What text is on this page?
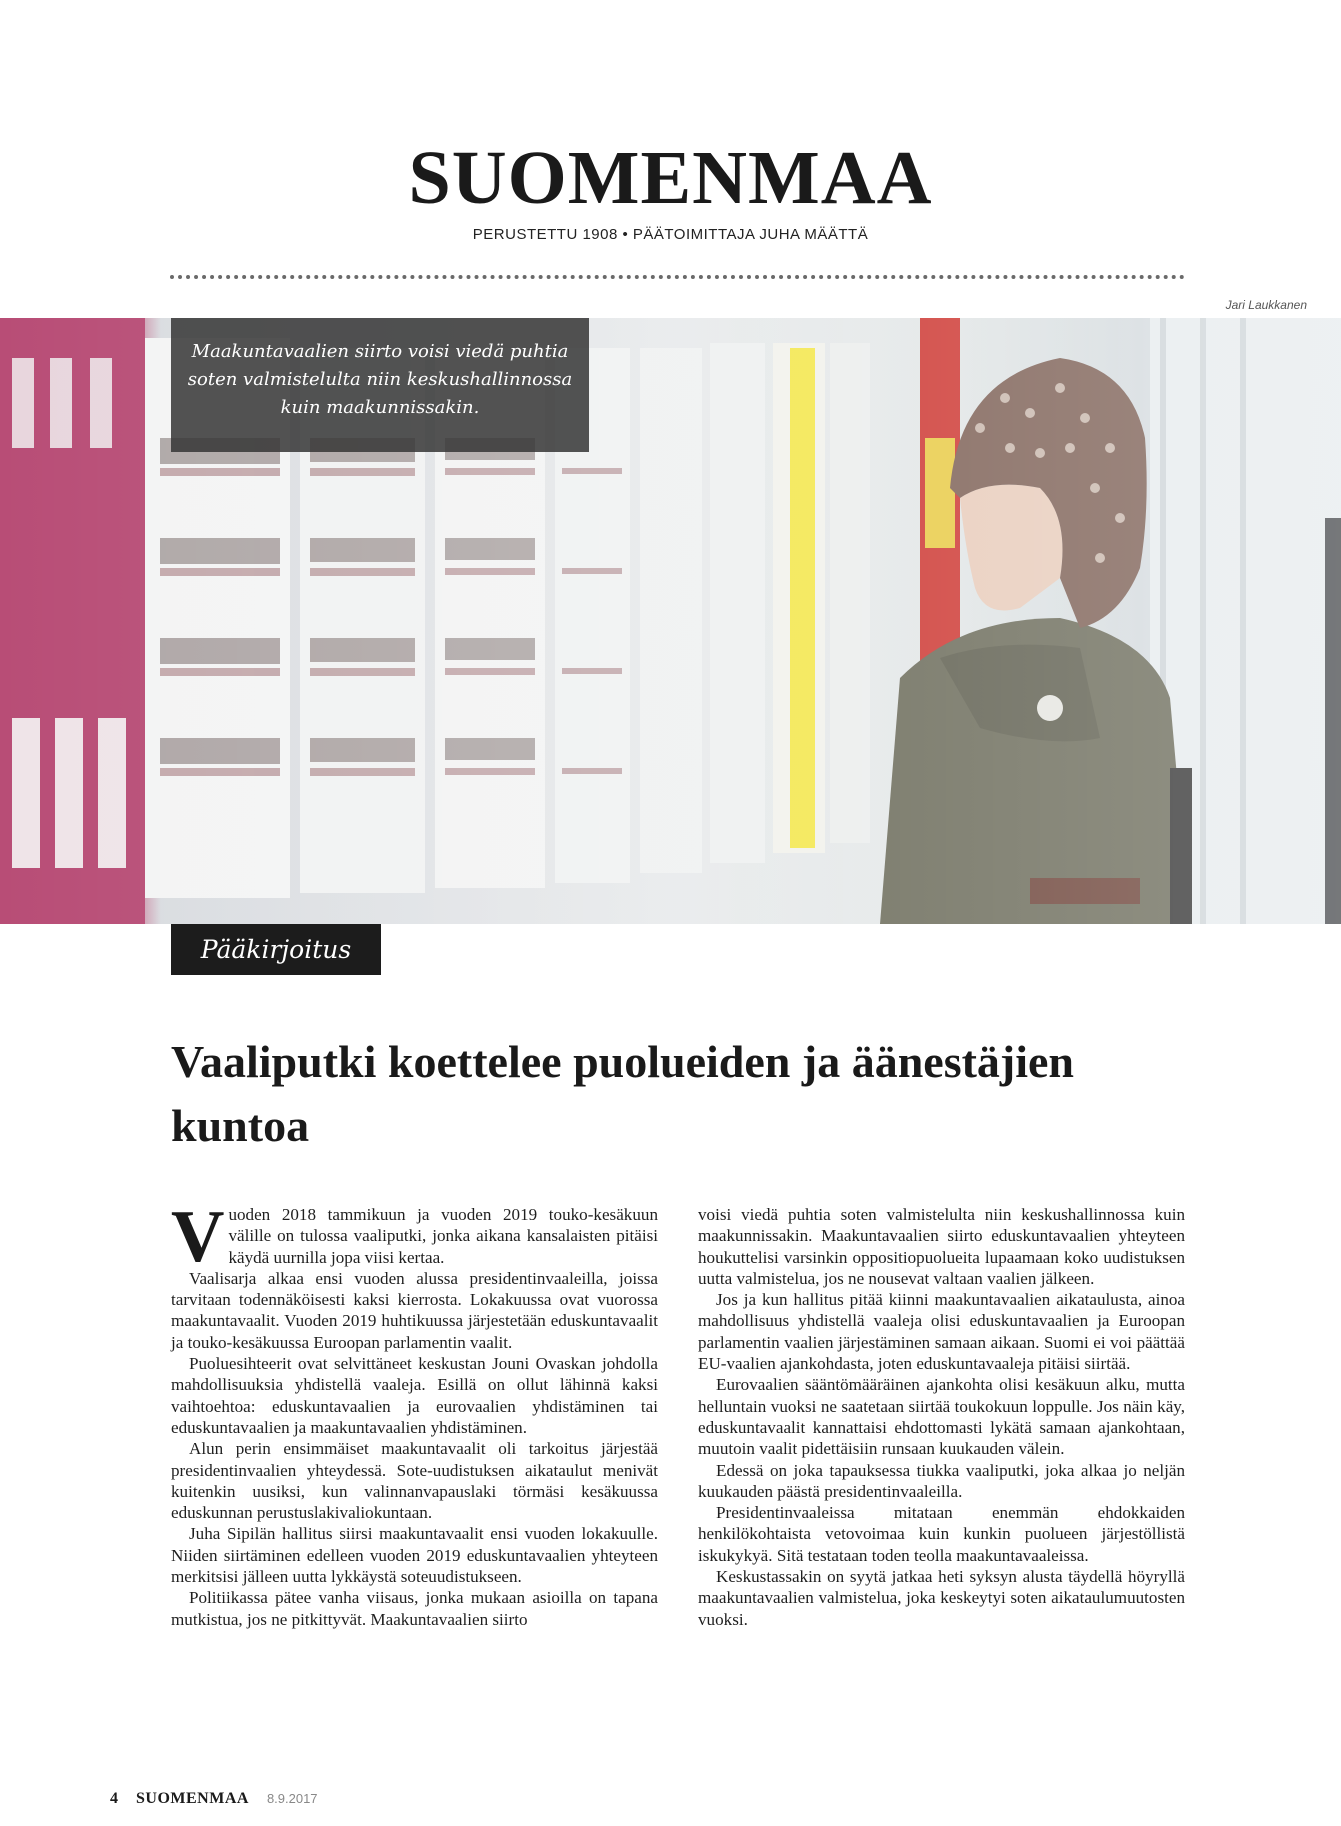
SUOMENMAA
PERUSTETTU 1908 • PÄÄTOIMITTAJA JUHA MÄÄTTÄ
Jari Laukkanen
Maakuntavaalien siirto voisi viedä puhtia soten valmistelulta niin keskushallinnossa kuin maakunnissakin.
Pääkirjoitus
Vaaliputki koettelee puolueiden ja äänestäjien kuntoa

Vuoden 2018 tammikuun ja vuoden 2019 touko-kesäkuun välille on tulossa vaaliputki, jonka aikana kansalaisten pitäisi käydä uurnilla jopa viisi kertaa.

Vaalisarja alkaa ensi vuoden alussa presidentinvaaleilla, joissa tarvitaan todennäköisesti kaksi kierrosta. Lokakuussa ovat vuorossa maakuntavaalit. Vuoden 2019 huhtikuussa järjestetään eduskuntavaalit ja touko-kesäkuussa Euroopan parlamentin vaalit.

Puoluesihteerit ovat selvittäneet keskustan Jouni Ovaskan johdolla mahdollisuuksia yhdistellä vaaleja. Esillä on ollut lähinnä kaksi vaihtoehtoa: eduskuntavaalien ja eurovaalien yhdistäminen tai eduskuntavaalien ja maakuntavaalien yhdistäminen.

Alun perin ensimmäiset maakuntavaalit oli tarkoitus järjestää presidentinvaalien yhteydessä. Sote-uudistuksen aikataulut menivät kuitenkin uusiksi, kun valinnanvapauslaki törmäsi kesäkuussa eduskunnan perustuslakivaliokuntaan.

Juha Sipilän hallitus siirsi maakuntavaalit ensi vuoden lokakuulle. Niiden siirtäminen edelleen vuoden 2019 eduskuntavaalien yhteyteen merkitsisi jälleen uutta lykkäystä soteuudistukseen.

Politiikassa pätee vanha viisaus, jonka mukaan asioilla on tapana mutkistua, jos ne pitkittyvät. Maakuntavaalien siirto

voisi viedä puhtia soten valmistelulta niin keskushallinnossa kuin maakunnissakin. Maakuntavaalien siirto eduskuntavaalien yhteyteen houkuttelisi varsinkin oppositiopuolueita lupaamaan koko uudistuksen uutta valmistelua, jos ne nousevat valtaan vaalien jälkeen.

Jos ja kun hallitus pitää kiinni maakuntavaalien aikataulusta, ainoa mahdollisuus yhdistellä vaaleja olisi eduskuntavaalien ja Euroopan parlamentin vaalien järjestäminen samaan aikaan. Suomi ei voi päättää EU-vaalien ajankohdasta, joten eduskuntavaaleja pitäisi siirtää.

Eurovaalien sääntömääräinen ajankohta olisi kesäkuun alku, mutta helluntain vuoksi ne saatetaan siirtää toukokuun loppulle. Jos näin käy, eduskuntavaalit kannattaisi ehdottomasti lykätä samaan ajankohtaan, muutoin vaalit pidettäisiin runsaan kuukauden välein.

Edessä on joka tapauksessa tiukka vaaliputki, joka alkaa jo neljän kuukauden päästä presidentinvaaleilla.

Presidentinvaaleissa mitataan enemmän ehdokkaiden henkilökohtaista vetovoimaa kuin kunkin puolueen järjestöllistä iskukykyä. Sitä testataan toden teolla maakuntavaaleissa.

Keskustassakin on syytä jatkaa heti syksyn alusta täydellä höyryllä maakuntavaalien valmistelua, joka keskeytyi soten aikataulumuutosten vuoksi.

4 SUOMENMAA 8.9.2017
